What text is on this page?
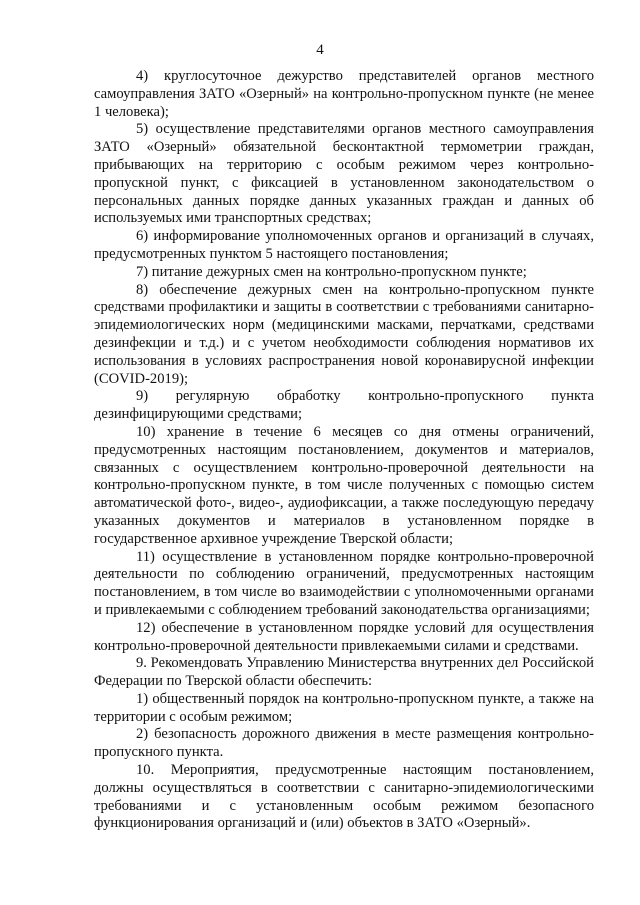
4

4) круглосуточное дежурство представителей органов местного самоуправления ЗАТО «Озерный» на контрольно-пропускном пункте (не менее 1 человека);

5) осуществление представителями органов местного самоуправления ЗАТО «Озерный» обязательной бесконтактной термометрии граждан, прибывающих на территорию с особым режимом через контрольно-пропускной пункт, с фиксацией в установленном законодательством о персональных данных порядке данных указанных граждан и данных об используемых ими транспортных средствах;

6) информирование уполномоченных органов и организаций в случаях, предусмотренных пунктом 5 настоящего постановления;

7) питание дежурных смен на контрольно-пропускном пункте;

8) обеспечение дежурных смен на контрольно-пропускном пункте средствами профилактики и защиты в соответствии с требованиями санитарно-эпидемиологических норм (медицинскими масками, перчатками, средствами дезинфекции и т.д.) и с учетом необходимости соблюдения нормативов их использования в условиях распространения новой коронавирусной инфекции (COVID-2019);

9) регулярную обработку контрольно-пропускного пункта дезинфицирующими средствами;

10) хранение в течение 6 месяцев со дня отмены ограничений, предусмотренных настоящим постановлением, документов и материалов, связанных с осуществлением контрольно-проверочной деятельности на контрольно-пропускном пункте, в том числе полученных с помощью систем автоматической фото-, видео-, аудиофиксации, а также последующую передачу указанных документов и материалов в установленном порядке в государственное архивное учреждение Тверской области;

11) осуществление в установленном порядке контрольно-проверочной деятельности по соблюдению ограничений, предусмотренных настоящим постановлением, в том числе во взаимодействии с уполномоченными органами и привлекаемыми с соблюдением требований законодательства организациями;

12) обеспечение в установленном порядке условий для осуществления контрольно-проверочной деятельности привлекаемыми силами и средствами.

9. Рекомендовать Управлению Министерства внутренних дел Российской Федерации по Тверской области обеспечить:

1) общественный порядок на контрольно-пропускном пункте, а также на территории с особым режимом;

2) безопасность дорожного движения в месте размещения контрольно-пропускного пункта.

10. Мероприятия, предусмотренные настоящим постановлением, должны осуществляться в соответствии с санитарно-эпидемиологическими требованиями и с установленным особым режимом безопасного функционирования организаций и (или) объектов в ЗАТО «Озерный».
